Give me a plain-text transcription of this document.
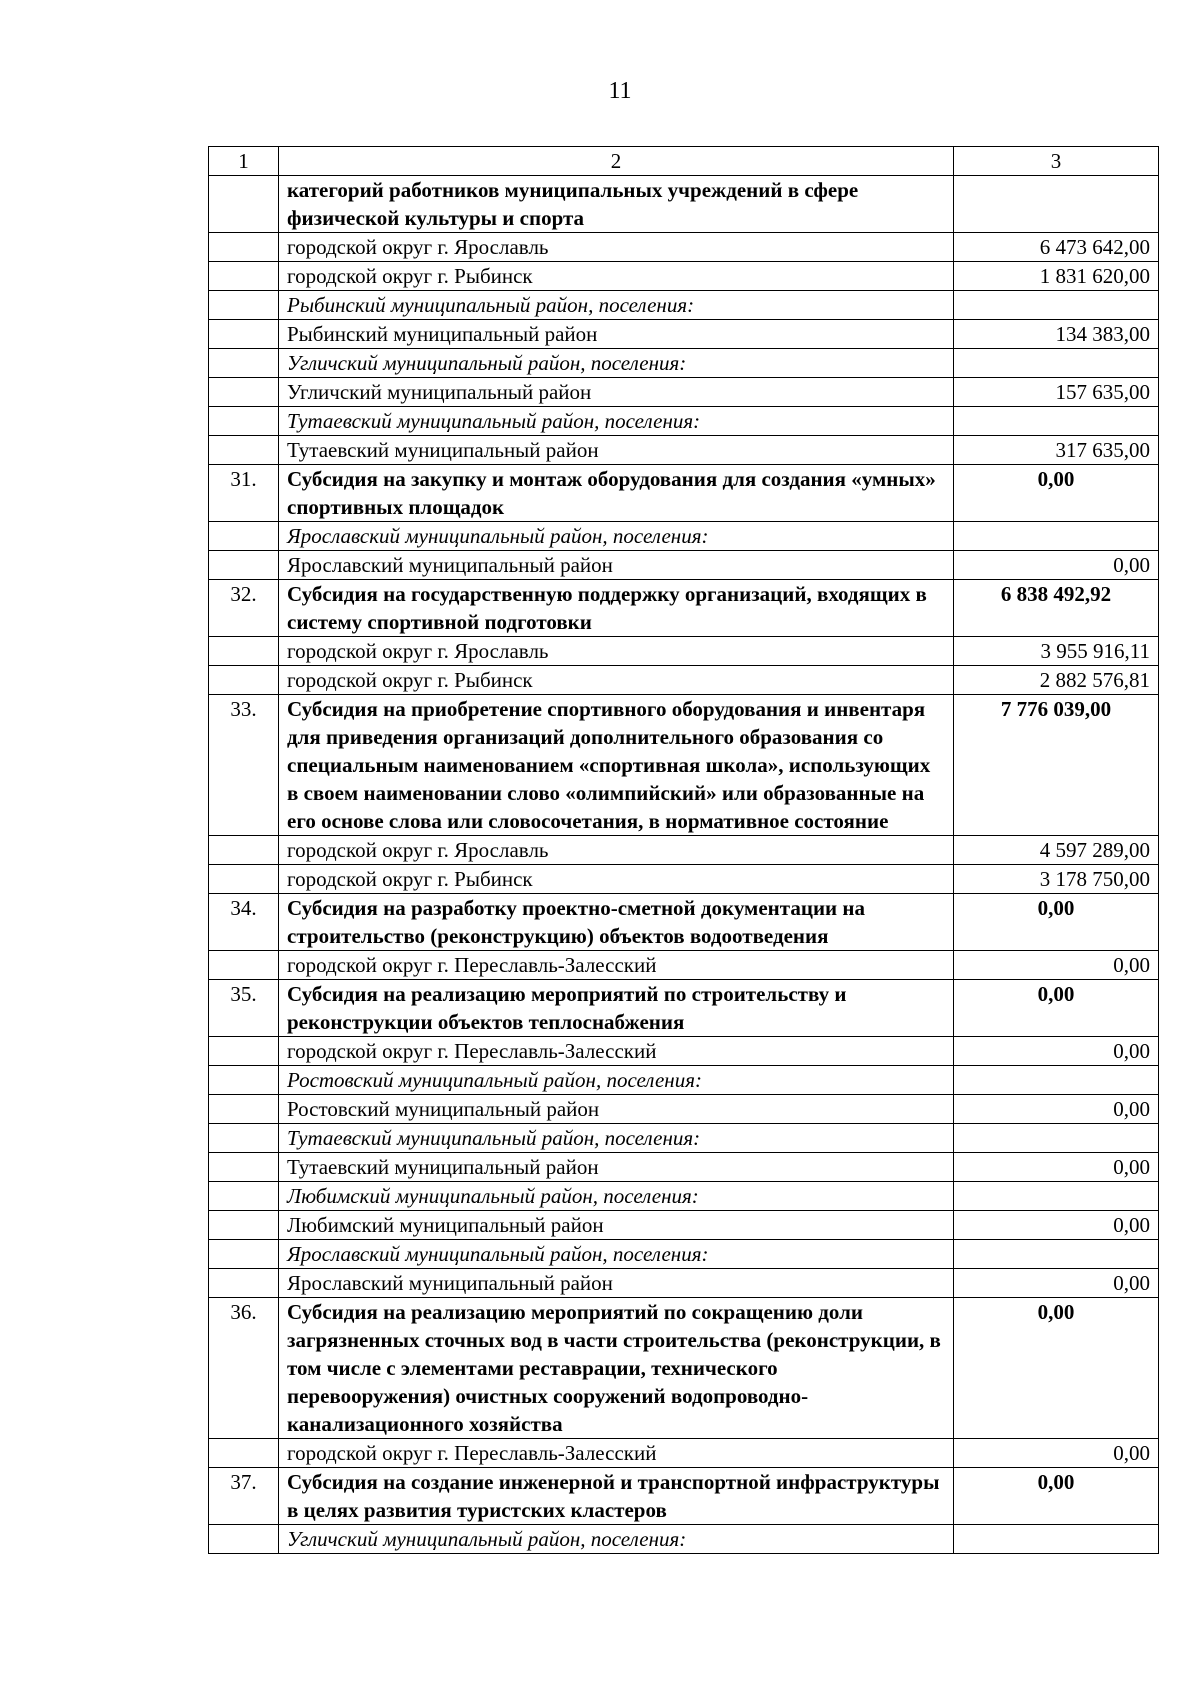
11
1	2	3
	категорий работников муниципальных учреждений в сфере физической культуры и спорта	
	городской округ г. Ярославль	6 473 642,00
	городской округ г. Рыбинск	1 831 620,00
	Рыбинский муниципальный район, поселения:	
	Рыбинский муниципальный район	134 383,00
	Угличский муниципальный район, поселения:	
	Угличский муниципальный район	157 635,00
	Тутаевский муниципальный район, поселения:	
	Тутаевский муниципальный район	317 635,00
31.	Субсидия на закупку и монтаж оборудования для создания «умных» спортивных площадок	0,00
	Ярославский муниципальный район, поселения:	
	Ярославский муниципальный район	0,00
32.	Субсидия на государственную поддержку организаций, входящих в систему спортивной подготовки	6 838 492,92
	городской округ г. Ярославль	3 955 916,11
	городской округ г. Рыбинск	2 882 576,81
33.	Субсидия на приобретение спортивного оборудования и инвентаря для приведения организаций дополнительного образования со специальным наименованием «спортивная школа», использующих в своем наименовании слово «олимпийский» или образованные на его основе слова или словосочетания, в нормативное состояние	7 776 039,00
	городской округ г. Ярославль	4 597 289,00
	городской округ г. Рыбинск	3 178 750,00
34.	Субсидия на разработку проектно-сметной документации на строительство (реконструкцию) объектов водоотведения	0,00
	городской округ г. Переславль-Залесский	0,00
35.	Субсидия на реализацию мероприятий по строительству и реконструкции объектов теплоснабжения	0,00
	городской округ г. Переславль-Залесский	0,00
	Ростовский муниципальный район, поселения:	
	Ростовский муниципальный район	0,00
	Тутаевский муниципальный район, поселения:	
	Тутаевский муниципальный район	0,00
	Любимский муниципальный район, поселения:	
	Любимский муниципальный район	0,00
	Ярославский муниципальный район, поселения:	
	Ярославский муниципальный район	0,00
36.	Субсидия на реализацию мероприятий по сокращению доли загрязненных сточных вод в части строительства (реконструкции, в том числе с элементами реставрации, технического перевооружения) очистных сооружений водопроводно-канализационного хозяйства	0,00
	городской округ г. Переславль-Залесский	0,00
37.	Субсидия на создание инженерной и транспортной инфраструктуры в целях развития туристских кластеров	0,00
	Угличский муниципальный район, поселения:	
